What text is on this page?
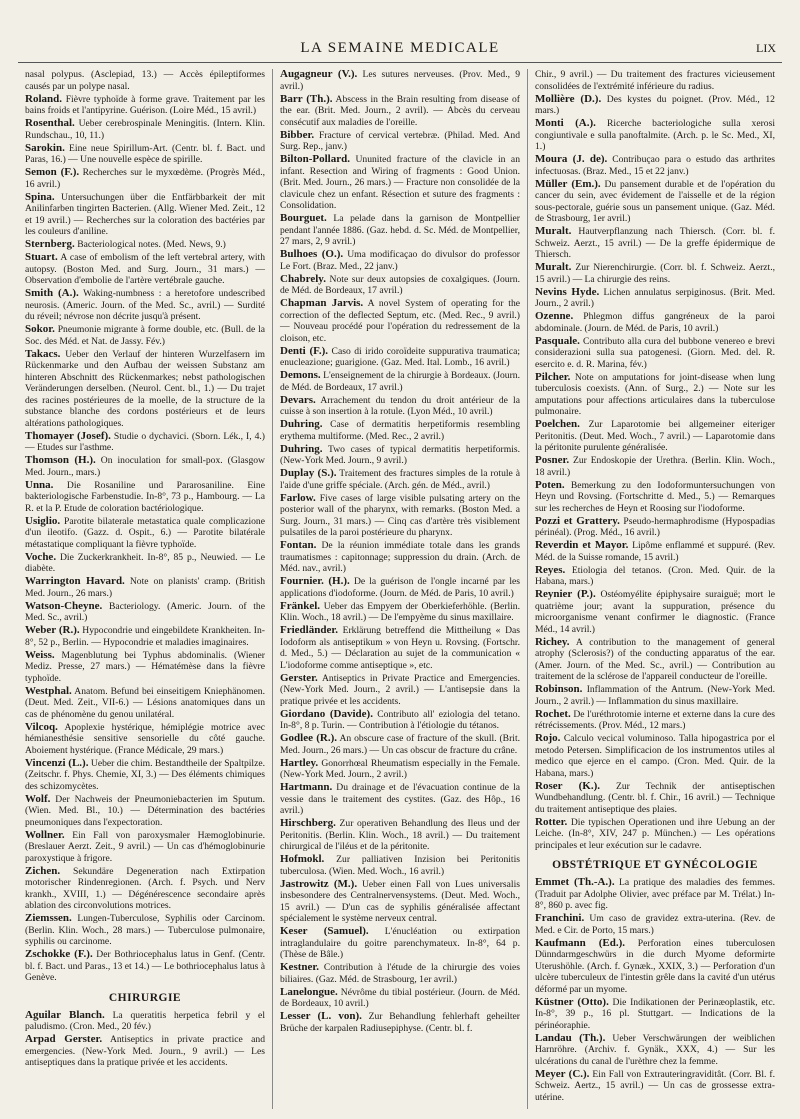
LA SEMAINE MEDICALE	LIX

nasal polypus. (Asclepiad, 13.) — Accès épileptiformes causés par un polype nasal.

Roland. Fièvre typhoïde à forme grave. Traitement par les bains froids et l'antipyrine. Guérison. (Loire Méd., 15 avril.)

Rosenthal. Ueber cerebrospinale Meningitis. (Intern. Klin. Rundschau., 10, 11.)

Sarokin. Eine neue Spirillum-Art. (Centr. bl. f. Bact. und Paras, 16.) — Une nouvelle espèce de spirille.

Semon (F.). Recherches sur le myxœdème. (Progrès Méd., 16 avril.)

Spina. Untersuchungen über die Entfärbbarkeit der mit Anilinfarben tingirten Bacterien. (Allg. Wiener Med. Zeit., 12 et 19 avril.) — Recherches sur la coloration des bactéries par les couleurs d'aniline.

Sternberg. Bacteriological notes. (Med. News, 9.)

Stuart. A case of embolism of the left vertebral artery, with autopsy. (Boston Med. and Surg. Journ., 31 mars.) — Observation d'embolie de l'artère vertébrale gauche.

Smith (A.). Waking-numbness : a heretofore undescribed neurosis. (Americ. Journ. of the Med. Sc., avril.) — Surdité du réveil; névrose non décrite jusqu'à présent.

Sokor. Pneumonie migrante à forme double, etc. (Bull. de la Soc. des Méd. et Nat. de Jassy. Fév.)

Takacs. Ueber den Verlauf der hinteren Wurzelfasern im Rückenmarke und den Aufbau der weissen Substanz am hinteren Abschnitt des Rückenmarkes; nebst pathologischen Veränderungen derselben. (Neurol. Cent. bl., 1.) — Du trajet des racines postérieures de la moelle, de la structure de la substance blanche des cordons postérieurs et de leurs altérations pathologiques.

Thomayer (Josef). Studie o dychavici. (Sborn. Lék., I, 4.) — Etudes sur l'asthme.

Thomson (H.). On inoculation for small-pox. (Glasgow Med. Journ., mars.)

Unna. Die Rosaniline und Pararosaniline. Eine bakteriologische Farbenstudie. In-8°, 73 p., Hambourg. — La R. et la P. Etude de coloration bactériologique.

Usiglio. Parotite bilaterale metastatica quale complicazione d'un ileotifo. (Gazz. d. Ospit., 6.) — Parotite bilatérale métastatique compliquant la fièvre typhoïde.

Voche. Die Zuckerkrankheit. In-8°, 85 p., Neuwied. — Le diabète.

Warrington Havard. Note on planists' cramp. (British Med. Journ., 26 mars.)

Watson-Cheyne. Bacteriology. (Americ. Journ. of the Med. Sc., avril.)

Weber (R.). Hypocondrie und eingebildete Krankheiten. In-8°, 52 p., Berlin. — Hypocondrie et maladies imaginaires.

Weiss. Magenblutung bei Typhus abdominalis. (Wiener Mediz. Presse, 27 mars.) — Hématémèse dans la fièvre typhoïde.

Westphal. Anatom. Befund bei einseitigem Kniephänomen. (Deut. Med. Zeit., VII-6.) — Lésions anatomiques dans un cas de phénomène du genou unilatéral.

Vilcoq. Apoplexie hystérique, hémiplégie motrice avec hémianesthésie sensitive sensorielle du côté gauche. Aboiement hystérique. (France Médicale, 29 mars.)

Vincenzi (L.). Ueber die chim. Bestandtheile der Spaltpilze. (Zeitschr. f. Phys. Chemie, XI, 3.) — Des éléments chimiques des schizomycètes.

Wolf. Der Nachweis der Pneumoniebacterien im Sputum. (Wien. Med. Bl., 10.) — Détermination des bactéries pneumoniques dans l'expectoration.

Wollner. Ein Fall von paroxysmaler Hæmoglobinurie. (Breslauer Aerzt. Zeit., 9 avril.) — Un cas d'hémoglobinurie paroxystique à frigore.

Zichen. Sekundäre Degeneration nach Extirpation motorischer Rindenregionen. (Arch. f. Psych. und Nerv krankh., XVIII, 1.) — Dégénérescence secondaire après ablation des circonvolutions motrices.

Ziemssen. Lungen-Tuberculose, Syphilis oder Carcinom. (Berlin. Klin. Woch., 28 mars.) — Tuberculose pulmonaire, syphilis ou carcinome.

Zschokke (F.). Der Bothriocephalus latus in Genf. (Centr. bl. f. Bact. und Paras., 13 et 14.) — Le bothriocephalus latus à Genève.

CHIRURGIE

Aguilar Blanch. La queratitis herpetica febril y el paludismo. (Cron. Med., 20 fév.)

Arpad Gerster. Antiseptics in private practice and emergencies. (New-York Med. Journ., 9 avril.) — Les antiseptiques dans la pratique privée et les accidents.

Augagneur (V.). Les sutures nerveuses. (Prov. Med., 9 avril.)

Barr (Th.). Abscess in the Brain resulting from disease of the ear. (Brit. Med. Journ., 2 avril). — Abcès du cerveau consécutif aux maladies de l'oreille.

Bibber. Fracture of cervical vertebræ. (Philad. Med. And Surg. Rep., janv.)

Bilton-Pollard. Ununited fracture of the clavicle in an infant. Resection and Wiring of fragments : Good Union. (Brit. Med. Journ., 26 mars.) — Fracture non consolidée de la clavicule chez un enfant. Résection et suture des fragments : Consolidation.

Bourguet. La pelade dans la garnison de Montpellier pendant l'année 1886. (Gaz. hebd. d. Sc. Méd. de Montpellier, 27 mars, 2, 9 avril.)

Bulhoes (O.). Uma modificaçao do divulsor do professor Le Fort. (Braz. Med., 22 janv.)

Chabrely. Note sur deux autopsies de coxalgiques. (Journ. de Méd. de Bordeaux, 17 avril.)

Chapman Jarvis. A novel System of operating for the correction of the deflected Septum, etc. (Med. Rec., 9 avril.) — Nouveau procédé pour l'opération du redressement de la cloison, etc.

Denti (F.). Caso di irido coroïdeite suppurativa traumatica; enucleazione; guarigione. (Gaz. Med. Ital. Lomb., 16 avril.)

Demons. L'enseignement de la chirurgie à Bordeaux. (Journ. de Méd. de Bordeaux, 17 avril.)

Devars. Arrachement du tendon du droit antérieur de la cuisse à son insertion à la rotule. (Lyon Méd., 10 avril.)

Duhring. Case of dermatitis herpetiformis resembling erythema multiforme. (Med. Rec., 2 avril.)

Duhring. Two cases of typical dermatitis herpetiformis. (New-York Med. Journ., 9 avril.)

Duplay (S.). Traitement des fractures simples de la rotule à l'aide d'une griffe spéciale. (Arch. gén. de Méd., avril.)

Farlow. Five cases of large visible pulsating artery on the posterior wall of the pharynx, with remarks. (Boston Med. a Surg. Journ., 31 mars.) — Cinq cas d'artère très visiblement pulsatiles de la paroi postérieure du pharynx.

Fontan. De la réunion immédiate totale dans les grands traumatismes : capitonnage; suppression du drain. (Arch. de Méd. nav., avril.)

Fournier. (H.). De la guérison de l'ongle incarné par les applications d'iodoforme. (Journ. de Méd. de Paris, 10 avril.)

Fränkel. Ueber das Empyem der Oberkieferhöhle. (Berlin. Klin. Woch., 18 avril.) — De l'empyème du sinus maxillaire.

Friedländer. Erklärung betreffend die Mittheilung « Das Iodoform als antiseptikum » von Heyn u. Rovsing. (Fortschr. d. Med., 5.) — Déclaration au sujet de la communication « L'iodoforme comme antiseptique », etc.

Gerster. Antiseptics in Private Practice and Emergencies. (New-York Med. Journ., 2 avril.) — L'antisepsie dans la pratique privée et les accidents.

Giordano (Davide). Contributo all' eziologia del tetano. In-8°, 8 p. Turin. — Contribution à l'étiologie du tétanos.

Godlee (R.). An obscure case of fracture of the skull. (Brit. Med. Journ., 26 mars.) — Un cas obscur de fracture du crâne.

Hartley. Gonorrhœal Rheumatism especially in the Female. (New-York Med. Journ., 2 avril.)

Hartmann. Du drainage et de l'évacuation continue de la vessie dans le traitement des cystites. (Gaz. des Hôp., 16 avril.)

Hirschberg. Zur operativen Behandlung des Ileus und der Peritonitis. (Berlin. Klin. Woch., 18 avril.) — Du traitement chirurgical de l'iléus et de la péritonite.

Hofmokl. Zur palliativen Inzision bei Peritonitis tuberculosa. (Wien. Med. Woch., 16 avril.)

Jastrowitz (M.). Ueber einen Fall von Lues universalis insbesondere des Centralnervensystems. (Deut. Med. Woch., 15 avril.) — D'un cas de syphilis généralisée affectant spécialement le système nerveux central.

Keser (Samuel). L'énucléation ou extirpation intraglandulaire du goitre parenchymateux. In-8°, 64 p. (Thèse de Bâle.)

Kestner. Contribution à l'étude de la chirurgie des voies biliaires. (Gaz. Méd. de Strasbourg, 1er avril.)

Lanelongue. Névrôme du tibial postérieur. (Journ. de Méd. de Bordeaux, 10 avril.)

Lesser (L. von). Zur Behandlung fehlerhaft geheilter Brüche der karpalen Radiusepiphyse. (Centr. bl. f.

Chir., 9 avril.) — Du traitement des fractures vicieusement consolidées de l'extrémité inférieure du radius.

Mollière (D.). Des kystes du poignet. (Prov. Méd., 12 mars.)

Monti (A.). Ricerche bacteriologiche sulla xerosi congiuntivale e sulla panoftalmite. (Arch. p. le Sc. Med., XI, 1.)

Moura (J. de). Contribuçao para o estudo das arthrites infectuosas. (Braz. Med., 15 et 22 janv.)

Müller (Em.). Du pansement durable et de l'opération du cancer du sein, avec évidement de l'aisselle et de la région sous-pectorale, guérie sous un pansement unique. (Gaz. Méd. de Strasbourg, 1er avril.)

Muralt. Hautverpflanzung nach Thiersch. (Corr. bl. f. Schweiz. Aerzt., 15 avril.) — De la greffe épidermique de Thiersch.

Muralt. Zur Nierenchirurgie. (Corr. bl. f. Schweiz. Aerzt., 15 avril.) — La chirurgie des reins.

Nevins Hyde. Lichen annulatus serpiginosus. (Brit. Med. Journ., 2 avril.)

Ozenne. Phlegmon diffus gangréneux de la paroi abdominale. (Journ. de Méd. de Paris, 10 avril.)

Pasquale. Contributo alla cura del bubbone venereo e brevi considerazioni sulla sua patogenesi. (Giorn. Med. del. R. esercito e. d. R. Marina, fév.)

Pilcher. Note on amputations for joint-disease when lung tuberculosis coexists. (Ann. of Surg., 2.) — Note sur les amputations pour affections articulaires dans la tuberculose pulmonaire.

Poelchen. Zur Laparotomie bei allgemeiner eiteriger Peritonitis. (Deut. Med. Woch., 7 avril.) — Laparotomie dans la péritonite purulente généralisée.

Posner. Zur Endoskopie der Urethra. (Berlin. Klin. Woch., 18 avril.)

Poten. Bemerkung zu den Iodoformuntersuchungen von Heyn und Rovsing. (Fortschritte d. Med., 5.) — Remarques sur les recherches de Heyn et Roosing sur l'iodoforme.

Pozzi et Grattery. Pseudo-hermaphrodisme (Hypospadias périnéal). (Prog. Méd., 16 avril.)

Reverdin et Mayor. Lipôme enflammé et suppuré. (Rev. Méd. de la Suisse romande, 15 avril.)

Reyes. Etiologia del tetanos. (Cron. Med. Quir. de la Habana, mars.)

Reynier (P.). Ostéomyélite épiphysaire suraiguë; mort le quatrième jour; avant la suppuration, présence du microorganisme venant confirmer le diagnostic. (France Méd., 14 avril.)

Richey. A contribution to the management of general atrophy (Sclerosis?) of the conducting apparatus of the ear. (Amer. Journ. of the Med. Sc., avril.) — Contribution au traitement de la sclérose de l'appareil conducteur de l'oreille.

Robinson. Inflammation of the Antrum. (New-York Med. Journ., 2 avril.) — Inflammation du sinus maxillaire.

Rochet. De l'uréthrotomie interne et externe dans la cure des rétrécissements. (Prov. Méd., 12 mars.)

Rojo. Calculo vecical voluminoso. Talla hipogastrica por el metodo Petersen. Simplificacion de los instrumentos utiles al medico que ejerce en el campo. (Cron. Med. Quir. de la Habana, mars.)

Roser (K.). Zur Technik der antiseptischen Wundbehandlung. (Centr. bl. f. Chir., 16 avril.) — Technique du traitement antiseptique des plaies.

Rotter. Die typischen Operationen und ihre Uebung an der Leiche. (In-8°, XIV, 247 p. München.) — Les opérations principales et leur exécution sur le cadavre.

OBSTÉTRIQUE ET GYNÉCOLOGIE

Emmet (Th.-A.). La pratique des maladies des femmes. (Traduit par Adolphe Olivier, avec préface par M. Trélat.) In-8°, 860 p. avec fig.

Franchini. Um caso de gravidez extra-uterina. (Rev. de Med. e Cir. de Porto, 15 mars.)

Kaufmann (Ed.). Perforation eines tuberculosen Dünndarmgeschwürs in die durch Myome deformirte Uterushöhle. (Arch. f. Gynæk., XXIX, 3.) — Perforation d'un ulcère tuberculeux de l'intestin grêle dans la cavité d'un utérus déformé par un myome.

Küstner (Otto). Die Indikationen der Perinæoplastik, etc. In-8°, 39 p., 16 pl. Stuttgart. — Indications de la périnéoraphie.

Landau (Th.). Ueber Verschwärungen der weiblichen Harnröhre. (Archiv. f. Gynäk., XXX, 4.) — Sur les ulcérations du canal de l'urèthre chez la femme.

Meyer (C.). Ein Fall von Extrauteringraviditât. (Corr. Bl. f. Schweiz. Aertz., 15 avril.) — Un cas de grossesse extra-utérine.
